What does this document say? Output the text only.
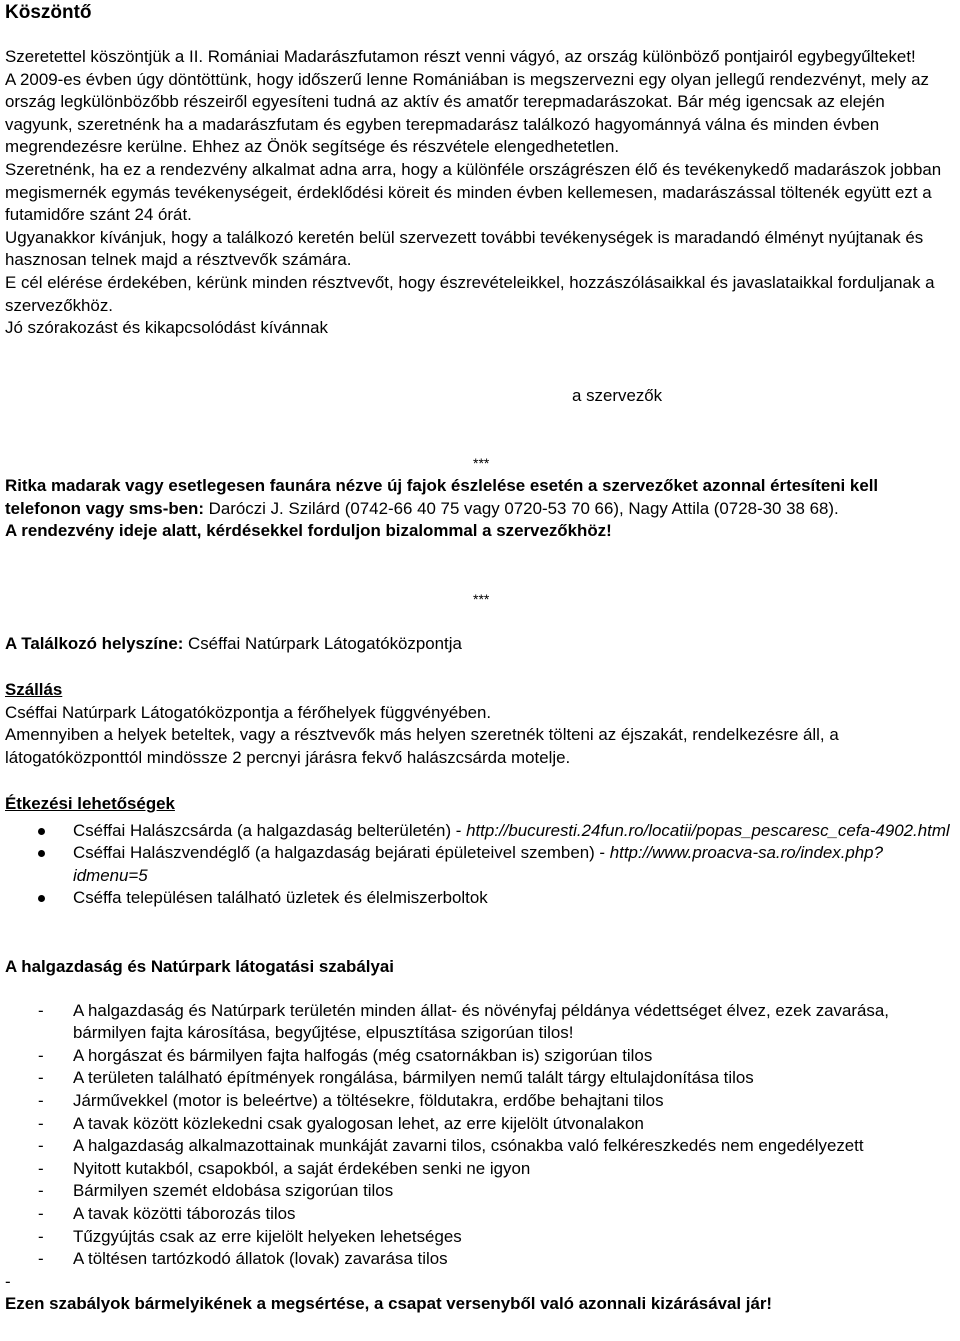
Köszöntő

Szeretettel köszöntjük a II. Romániai Madarászfutamon részt venni vágyó, az ország különböző pontjairól egybegyűlteket!

A 2009-es évben úgy döntöttünk, hogy időszerű lenne Romániában is megszervezni egy olyan jellegű rendezvényt, mely az ország legkülönbözőbb részeiről egyesíteni tudná az aktív és amatőr terepmadarászokat. Bár még igencsak az elején vagyunk, szeretnénk ha a madarászfutam és egyben terepmadarász találkozó hagyománnyá válna és minden évben megrendezésre kerülne. Ehhez az Önök segítsége és részvétele elengedhetetlen.

Szeretnénk, ha ez a rendezvény alkalmat adna arra, hogy a különféle országrészen élő és tevékenykedő madarászok jobban megismernék egymás tevékenységeit, érdeklődési köreit és minden évben kellemesen, madarászással töltenék együtt ezt a futamidőre szánt 24 órát.

Ugyanakkor kívánjuk, hogy a találkozó keretén belül szervezett további tevékenységek is maradandó élményt nyújtanak és hasznosan telnek majd a résztvevők számára.

E cél elérése érdekében, kérünk minden résztvevőt, hogy észrevételeikkel, hozzászólásaikkal és javaslataikkal forduljanak a szervezőkhöz.

Jó szórakozást és kikapcsolódást kívánnak

a szervezők
***

Ritka madarak vagy esetlegesen faunára nézve új fajok észlelése esetén a szervezőket azonnal értesíteni kell telefonon vagy sms-ben: Daróczi J. Szilárd (0742-66 40 75 vagy 0720-53 70 66), Nagy Attila (0728-30 38 68).

A rendezvény ideje alatt, kérdésekkel forduljon bizalommal a szervezőkhöz!

***

A Találkozó helyszíne: Cséffai Natúrpark Látogatóközpontja

Szállás

Cséffai Natúrpark Látogatóközpontja a férőhelyek függvényében.

Amennyiben a helyek beteltek, vagy a résztvevők más helyen szeretnék tölteni az éjszakát, rendelkezésre áll, a látogatóközponttól mindössze 2 percnyi járásra fekvő halászcsárda motelje.

Étkezési lehetőségek

Cséffai Halászcsárda (a halgazdaság belterületén) - http://bucuresti.24fun.ro/locatii/popas_pescaresc_cefa-4902.html
Cséffai Halászvendéglő (a halgazdaság bejárati épületeivel szemben) - http://www.proacva-sa.ro/index.php?idmenu=5
Cséffa településen található üzletek és élelmiszerboltok

A halgazdaság és Natúrpark látogatási szabályai

- A halgazdaság és Natúrpark területén minden állat- és növényfaj példánya védettséget élvez, ezek zavarása, bármilyen fajta károsítása, begyűjtése, elpusztítása szigorúan tilos!
- A horgászat és bármilyen fajta halfogás (még csatornákban is) szigorúan tilos
- A területen található építmények rongálása, bármilyen nemű talált tárgy eltulajdonítása tilos
- Járművekkel (motor is beleértve) a töltésekre, földutakra, erdőbe behajtani tilos
- A tavak között közlekedni csak gyalogosan lehet, az erre kijelölt útvonalakon
- A halgazdaság alkalmazottainak munkáját zavarni tilos, csónakba való felkéreszkedés nem engedélyezett
- Nyitott kutakból, csapokból, a saját érdekében senki ne igyon
- Bármilyen szemét eldobása szigorúan tilos
- A tavak közötti táborozás tilos
- Tűzgyújtás csak az erre kijelölt helyeken lehetséges
- A töltésen tartózkodó állatok (lovak) zavarása tilos
-

Ezen szabályok bármelyikének a megsértése, a csapat versenyből való azonnali kizárásával jár!
